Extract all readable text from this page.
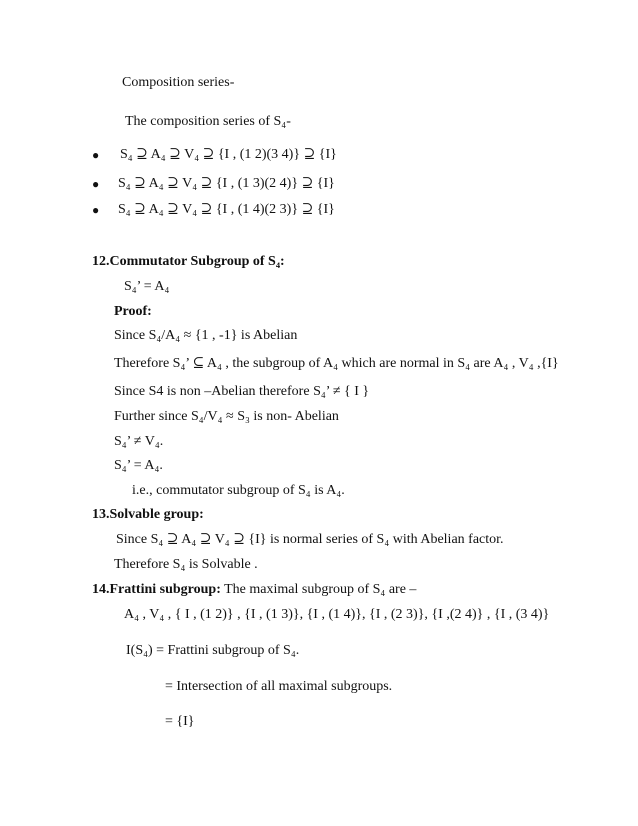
Composition series-
The composition series of S₄-
● S₄ ⊇ A₄ ⊇ V₄ ⊇ {I , (1 2)(3 4)} ⊇ {I}
● S₄ ⊇ A₄ ⊇ V₄ ⊇ {I , (1 3)(2 4)} ⊇ {I}
● S₄ ⊇ A₄ ⊇ V₄ ⊇ {I , (1 4)(2 3)} ⊇ {I}
12.Commutator Subgroup of S₄:
S₄’ = A₄
Proof:
Since S₄/A₄ ≈ {1 , -1} is Abelian
Therefore S₄’ ⊆ A₄ , the subgroup of A₄ which are normal in S₄ are A₄ , V₄ ,{I}
Since S4 is non –Abelian therefore S₄’ ≠ { I }
Further since S₄/V₄ ≈ S₃ is non- Abelian
S₄’ ≠ V₄.
S₄’ = A₄.
i.e., commutator subgroup of S₄ is A₄.
13.Solvable group:
Since S₄ ⊇ A₄ ⊇ V₄ ⊇ {I} is normal series of S₄ with Abelian factor.
Therefore S₄ is Solvable .
14.Frattini subgroup: The maximal subgroup of S₄ are –
A₄ , V₄ , { I , (1 2)} , {I , (1 3)}, {I , (1 4)}, {I , (2 3)}, {I ,(2 4)} , {I , (3 4)}
I(S₄) = Frattini subgroup of S₄.
= Intersection of all maximal subgroups.
= {I}
